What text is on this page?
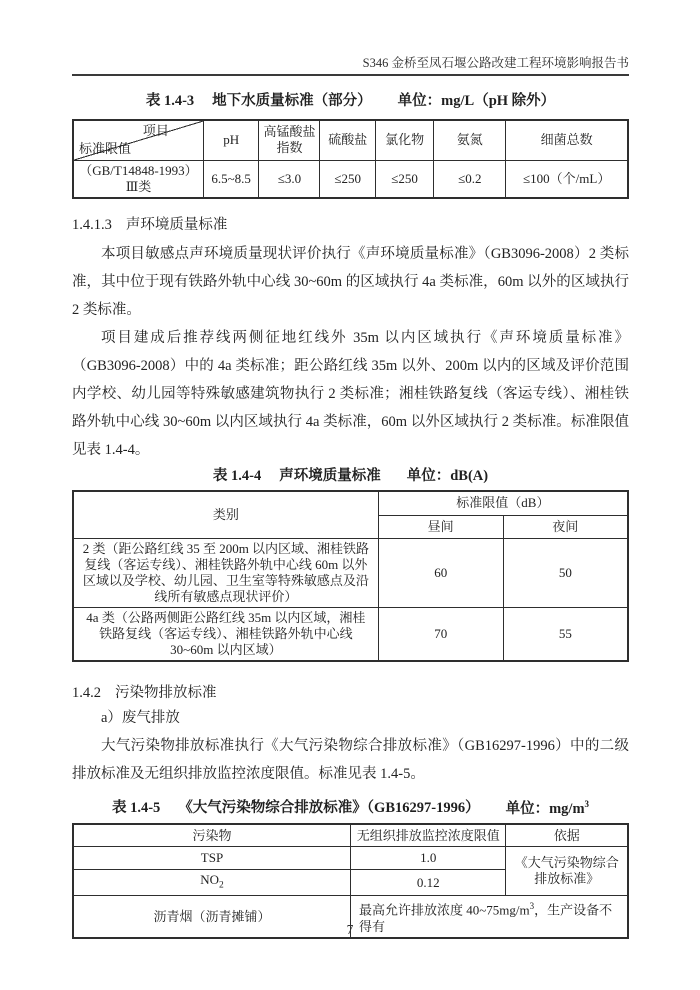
S346 金桥至凤石堰公路改建工程环境影响报告书
表 1.4-3 地下水质量标准（部分） 单位：mg/L（pH 除外）
项目
标准限值	pH	高锰酸盐指数	硫酸盐	氯化物	氨氮	细菌总数

（GB/T14848-1993）
Ⅲ类	6.5~8.5	≤3.0	≤250	≤250	≤0.2	≤100（个/mL）
1.4.1.3 声环境质量标准

本项目敏感点声环境质量现状评价执行《声环境质量标准》（GB3096-2008）2 类标准，其中位于现有铁路外轨中心线 30~60m 的区域执行 4a 类标准，60m 以外的区域执行 2 类标准。

项目建成后推荐线两侧征地红线外 35m 以内区域执行《声环境质量标准》（GB3096-2008）中的 4a 类标准；距公路红线 35m 以外、200m 以内的区域及评价范围内学校、幼儿园等特殊敏感建筑物执行 2 类标准；湘桂铁路复线（客运专线）、湘桂铁路外轨中心线 30~60m 以内区域执行 4a 类标准，60m 以外区域执行 2 类标准。标准限值见表 1.4-4。

表 1.4-4 声环境质量标准 单位：dB(A)
类别	标准限值（dB）	
	昼间	夜间
2 类（距公路红线 35 至 200m 以内区域、湘桂铁路复线（客运专线）、湘桂铁路外轨中心线 60m 以外区域以及学校、幼儿园、卫生室等特殊敏感点及沿线所有敏感点现状评价）	60	50
4a 类（公路两侧距公路红线 35m 以内区域，湘桂铁路复线（客运专线）、湘桂铁路外轨中心线 30~60m 以内区域）	70	55
1.4.2 污染物排放标准
a）废气排放

大气污染物排放标准执行《大气污染物综合排放标准》（GB16297-1996）中的二级排放标准及无组织排放监控浓度限值。标准见表 1.4-5。

表 1.4-5 《大气污染物综合排放标准》（GB16297-1996） 单位：$mg/m^3$
污染物	无组织排放监控浓度限值	依据
TSP	1.0	《大气污染物综合
排放标准》

$NO_2$	0.12	
沥青烟（沥青摊铺）	最高允许排放浓度 $40\sim 75mg/m^3$，生产设备不得有	
7
